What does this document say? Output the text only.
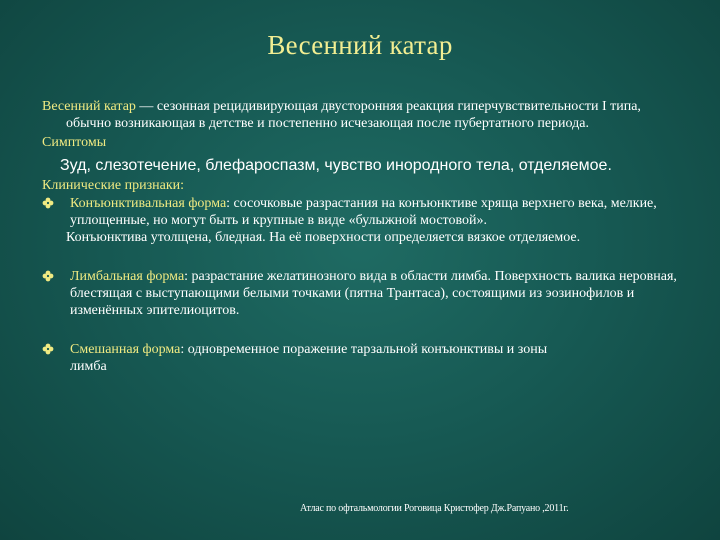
Весенний катар

Весенний катар — сезонная рецидивирующая двусторонняя реакция гиперчувствительности I типа, обычно возникающая в детстве и постепенно исчезающая после пубертатного периода.

Симптомы

Зуд, слезотечение, блефароспазм, чувство инородного тела, отделяемое.

Клинические признаки:

Конъюнктивальная форма: сосочковые разрастания на конъюнктиве хряща верхнего века, мелкие, уплощенные, но могут быть и крупные в виде «булыжной мостовой».

Конъюнктива утолщена, бледная. На её поверхности определяется вязкое отделяемое.

Лимбальная форма: разрастание желатинозного вида в области лимба. Поверхность валика неровная, блестящая с выступающими белыми точками (пятна Трантаса), состоящими из эозинофилов и изменённых эпителиоцитов.
Смешанная форма: одновременное поражение тарзальной конъюнктивы и зоны лимба
Атлас по офтальмологии Роговица Кристофер Дж.Рапуано ,2011г.
